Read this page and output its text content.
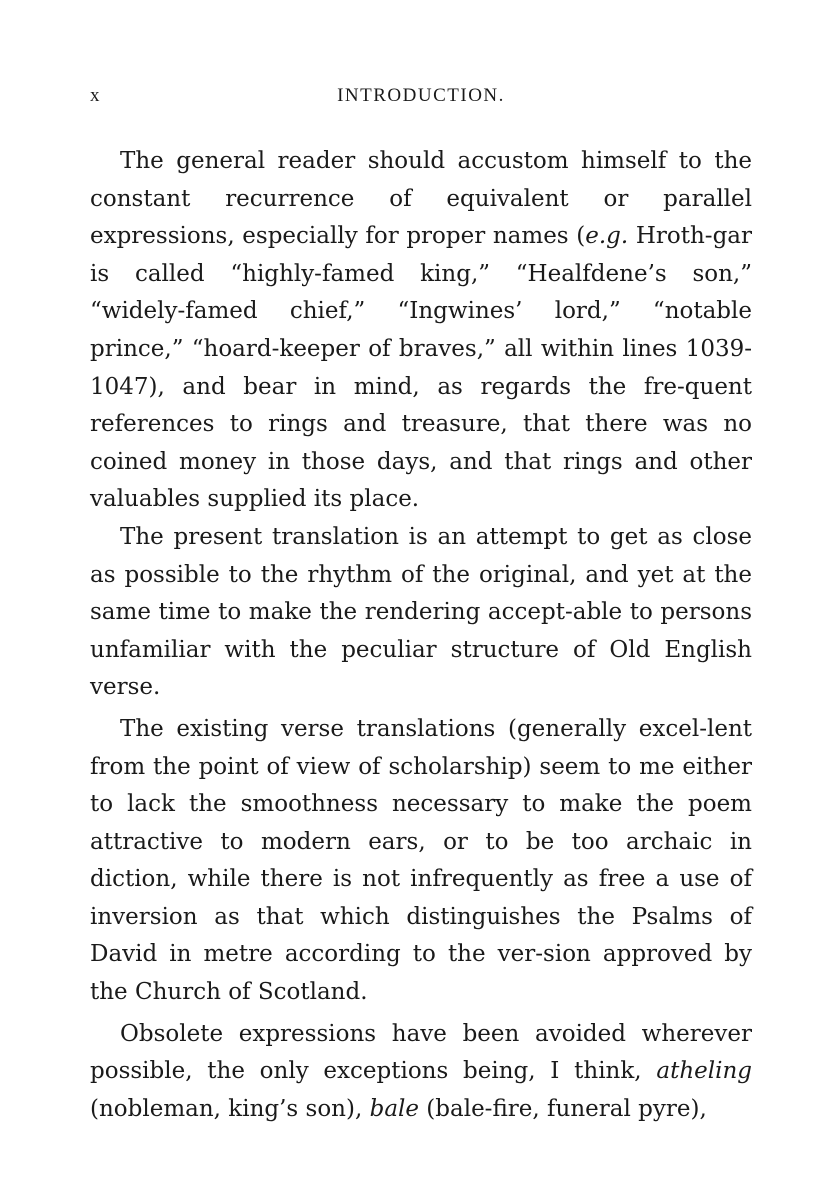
x	INTRODUCTION.

The general reader should accustom himself to the constant recurrence of equivalent or parallel expressions, especially for proper names (e.g. Hroth-gar is called “highly-famed king,” “Healfdene’s son,” “widely-famed chief,” “Ingwines’ lord,” “notable prince,” “hoard-keeper of braves,” all within lines 1039-1047), and bear in mind, as regards the fre-quent references to rings and treasure, that there was no coined money in those days, and that rings and other valuables supplied its place.

The present translation is an attempt to get as close as possible to the rhythm of the original, and yet at the same time to make the rendering accept-able to persons unfamiliar with the peculiar structure of Old English verse.

The existing verse translations (generally excel-lent from the point of view of scholarship) seem to me either to lack the smoothness necessary to make the poem attractive to modern ears, or to be too archaic in diction, while there is not infrequently as free a use of inversion as that which distinguishes the Psalms of David in metre according to the ver-sion approved by the Church of Scotland.

Obsolete expressions have been avoided wherever possible, the only exceptions being, I think, atheling (nobleman, king’s son), bale (bale-fire, funeral pyre),
